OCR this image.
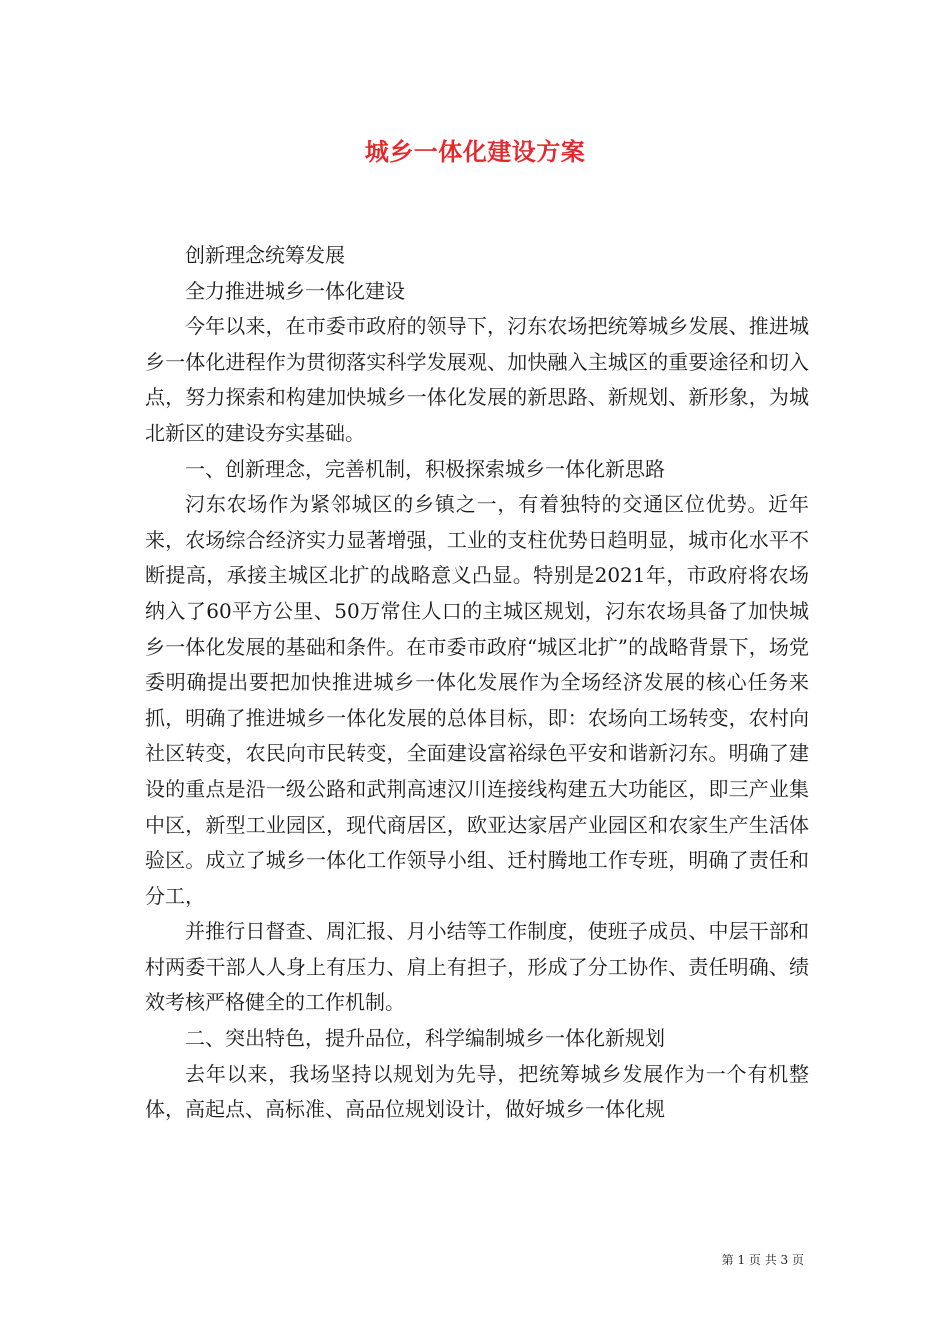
城乡一体化建设方案

创新理念统筹发展

全力推进城乡一体化建设

今年以来，在市委市政府的领导下，汈东农场把统筹城乡发展、推进城乡一体化进程作为贯彻落实科学发展观、加快融入主城区的重要途径和切入点，努力探索和构建加快城乡一体化发展的新思路、新规划、新形象，为城北新区的建设夯实基础。

一、创新理念，完善机制，积极探索城乡一体化新思路

汈东农场作为紧邻城区的乡镇之一，有着独特的交通区位优势。近年来，农场综合经济实力显著增强，工业的支柱优势日趋明显，城市化水平不断提高，承接主城区北扩的战略意义凸显。特别是2021年，市政府将农场纳入了60平方公里、50万常住人口的主城区规划，汈东农场具备了加快城乡一体化发展的基础和条件。在市委市政府“城区北扩”的战略背景下，场党委明确提出要把加快推进城乡一体化发展作为全场经济发展的核心任务来抓，明确了推进城乡一体化发展的总体目标，即：农场向工场转变，农村向社区转变，农民向市民转变，全面建设富裕绿色平安和谐新汈东。明确了建设的重点是沿一级公路和武荆高速汉川连接线构建五大功能区，即三产业集中区，新型工业园区，现代商居区，欧亚达家居产业园区和农家生产生活体验区。成立了城乡一体化工作领导小组、迁村腾地工作专班，明确了责任和分工，

并推行日督查、周汇报、月小结等工作制度，使班子成员、中层干部和村两委干部人人身上有压力、肩上有担子，形成了分工协作、责任明确、绩效考核严格健全的工作机制。

二、突出特色，提升品位，科学编制城乡一体化新规划

去年以来，我场坚持以规划为先导，把统筹城乡发展作为一个有机整体，高起点、高标准、高品位规划设计，做好城乡一体化规

第 1 页 共 3 页
